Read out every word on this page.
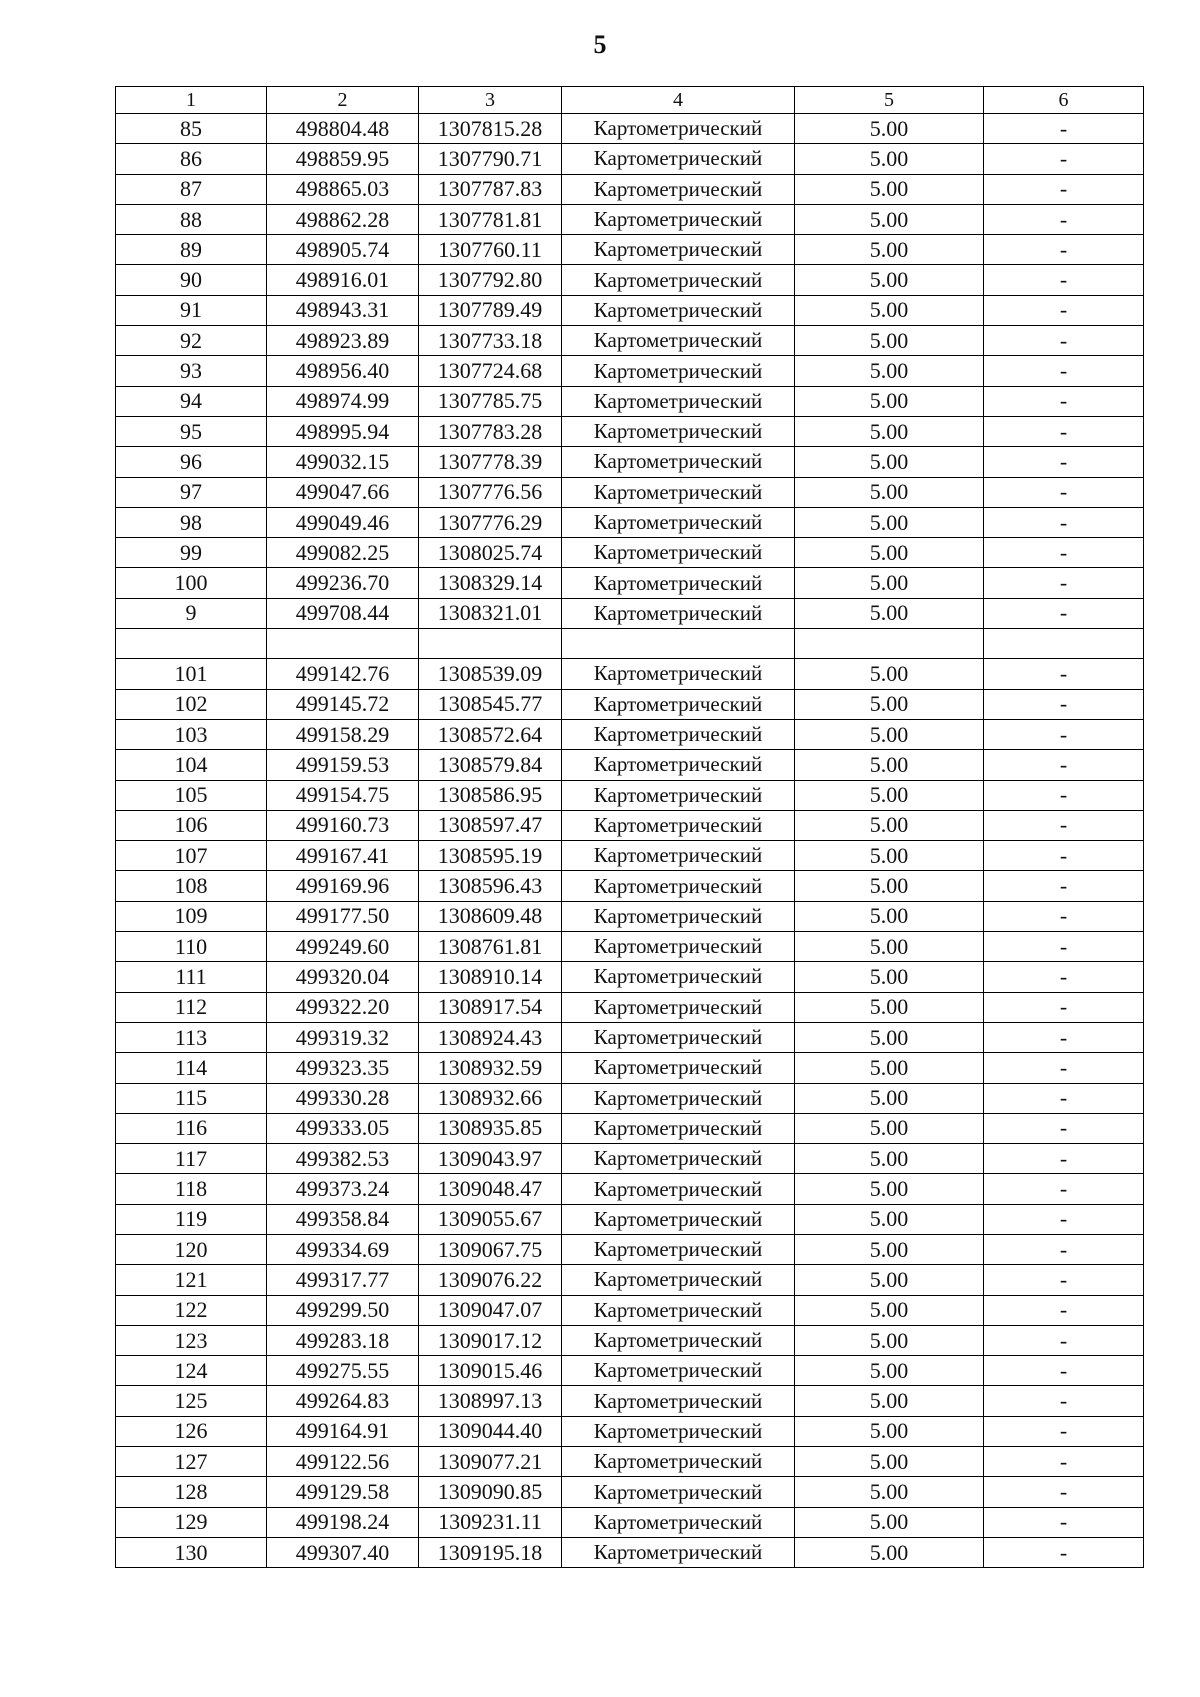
5
1	2	3	4	5	6
85	498804.48	1307815.28	Картометрический	5.00	-
86	498859.95	1307790.71	Картометрический	5.00	-
87	498865.03	1307787.83	Картометрический	5.00	-
88	498862.28	1307781.81	Картометрический	5.00	-
89	498905.74	1307760.11	Картометрический	5.00	-
90	498916.01	1307792.80	Картометрический	5.00	-
91	498943.31	1307789.49	Картометрический	5.00	-
92	498923.89	1307733.18	Картометрический	5.00	-
93	498956.40	1307724.68	Картометрический	5.00	-
94	498974.99	1307785.75	Картометрический	5.00	-
95	498995.94	1307783.28	Картометрический	5.00	-
96	499032.15	1307778.39	Картометрический	5.00	-
97	499047.66	1307776.56	Картометрический	5.00	-
98	499049.46	1307776.29	Картометрический	5.00	-
99	499082.25	1308025.74	Картометрический	5.00	-
100	499236.70	1308329.14	Картометрический	5.00	-
9	499708.44	1308321.01	Картометрический	5.00	-

101	499142.76	1308539.09	Картометрический	5.00	-
102	499145.72	1308545.77	Картометрический	5.00	-
103	499158.29	1308572.64	Картометрический	5.00	-
104	499159.53	1308579.84	Картометрический	5.00	-
105	499154.75	1308586.95	Картометрический	5.00	-
106	499160.73	1308597.47	Картометрический	5.00	-
107	499167.41	1308595.19	Картометрический	5.00	-
108	499169.96	1308596.43	Картометрический	5.00	-
109	499177.50	1308609.48	Картометрический	5.00	-
110	499249.60	1308761.81	Картометрический	5.00	-
111	499320.04	1308910.14	Картометрический	5.00	-
112	499322.20	1308917.54	Картометрический	5.00	-
113	499319.32	1308924.43	Картометрический	5.00	-
114	499323.35	1308932.59	Картометрический	5.00	-
115	499330.28	1308932.66	Картометрический	5.00	-
116	499333.05	1308935.85	Картометрический	5.00	-
117	499382.53	1309043.97	Картометрический	5.00	-
118	499373.24	1309048.47	Картометрический	5.00	-
119	499358.84	1309055.67	Картометрический	5.00	-
120	499334.69	1309067.75	Картометрический	5.00	-
121	499317.77	1309076.22	Картометрический	5.00	-
122	499299.50	1309047.07	Картометрический	5.00	-
123	499283.18	1309017.12	Картометрический	5.00	-
124	499275.55	1309015.46	Картометрический	5.00	-
125	499264.83	1308997.13	Картометрический	5.00	-
126	499164.91	1309044.40	Картометрический	5.00	-
127	499122.56	1309077.21	Картометрический	5.00	-
128	499129.58	1309090.85	Картометрический	5.00	-
129	499198.24	1309231.11	Картометрический	5.00	-
130	499307.40	1309195.18	Картометрический	5.00	-
